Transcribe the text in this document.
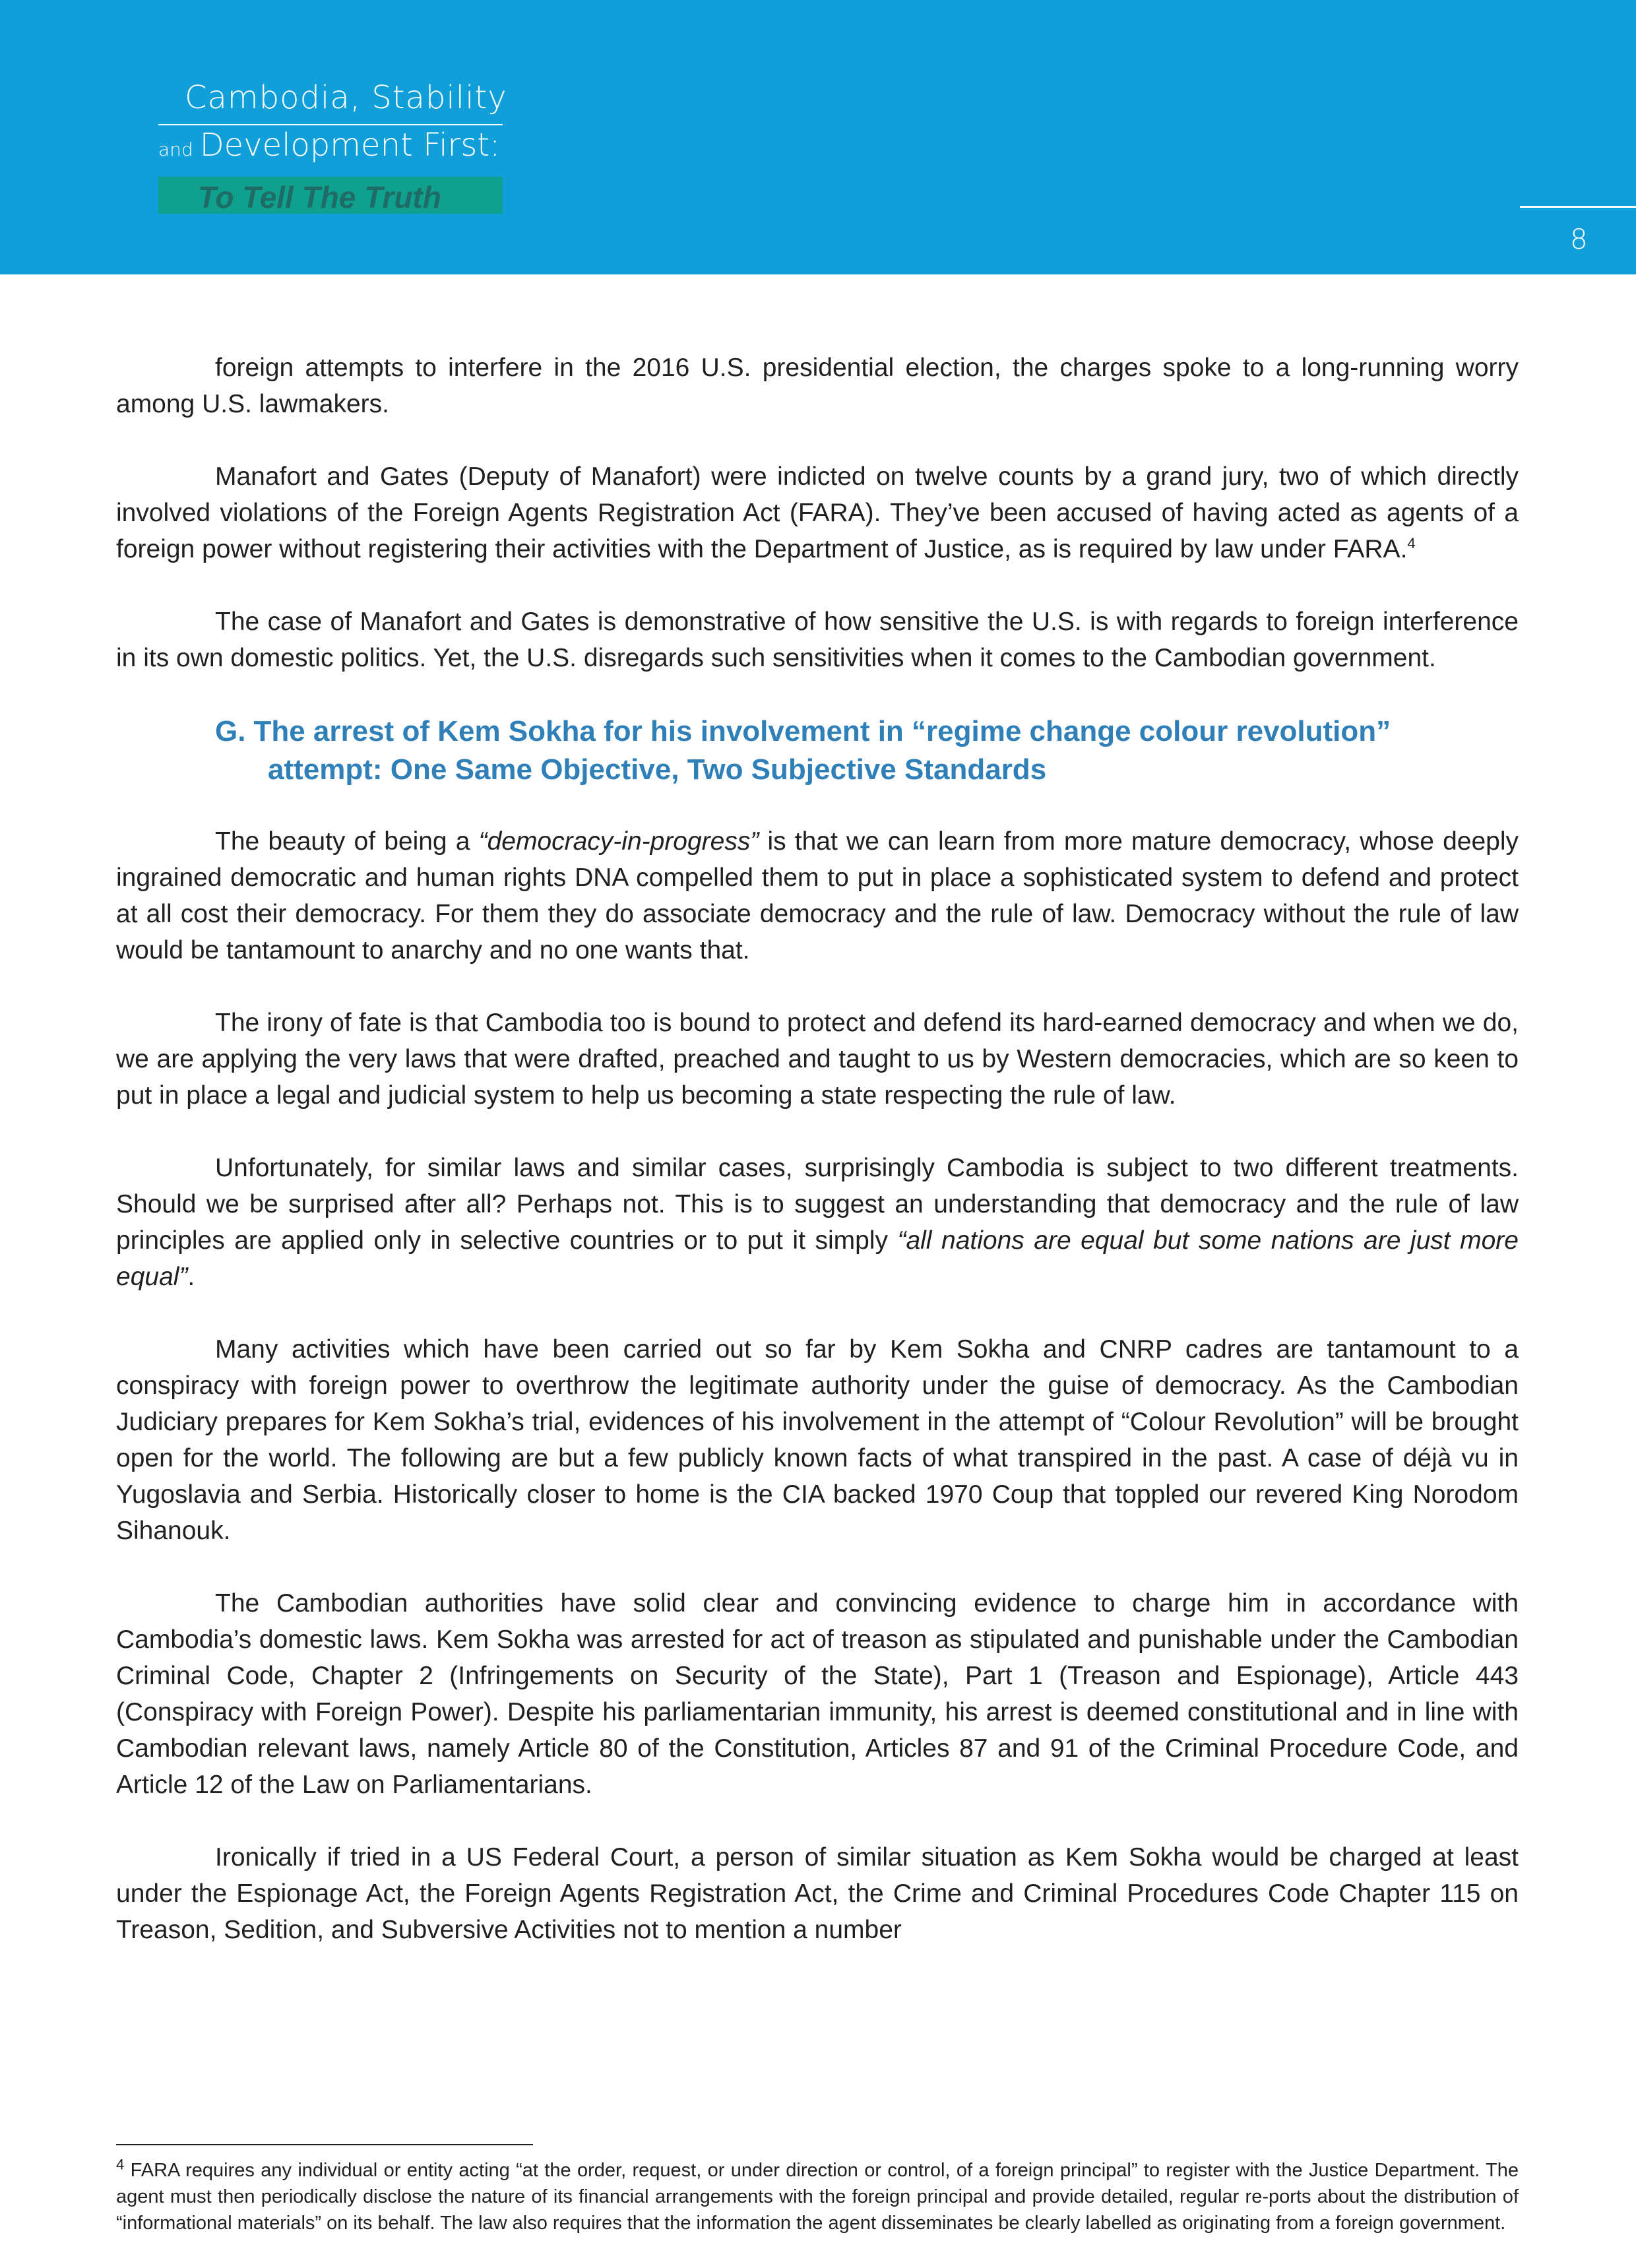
Cambodia, Stability
and Development First:
To Tell The Truth
8

foreign attempts to interfere in the 2016 U.S. presidential election, the charges spoke to a long-running worry among U.S. lawmakers.

Manafort and Gates (Deputy of Manafort) were indicted on twelve counts by a grand jury, two of which directly involved violations of the Foreign Agents Registration Act (FARA). They’ve been accused of having acted as agents of a foreign power without registering their activities with the Department of Justice, as is required by law under FARA.$^4$

The case of Manafort and Gates is demonstrative of how sensitive the U.S. is with regards to foreign interference in its own domestic politics. Yet, the U.S. disregards such sensitivities when it comes to the Cambodian government.

G. The arrest of Kem Sokha for his involvement in “regime change colour revolution”
attempt: One Same Objective, Two Subjective Standards

The beauty of being a “democracy-in-progress” is that we can learn from more mature democracy, whose deeply ingrained democratic and human rights DNA compelled them to put in place a sophisticated system to defend and protect at all cost their democracy. For them they do associate democracy and the rule of law. Democracy without the rule of law would be tantamount to anarchy and no one wants that.

The irony of fate is that Cambodia too is bound to protect and defend its hard-earned democracy and when we do, we are applying the very laws that were drafted, preached and taught to us by Western democracies, which are so keen to put in place a legal and judicial system to help us becoming a state respecting the rule of law.

Unfortunately, for similar laws and similar cases, surprisingly Cambodia is subject to two different treatments. Should we be surprised after all? Perhaps not. This is to suggest an understanding that democracy and the rule of law principles are applied only in selective countries or to put it simply “all nations are equal but some nations are just more equal”.

Many activities which have been carried out so far by Kem Sokha and CNRP cadres are tantamount to a conspiracy with foreign power to overthrow the legitimate authority under the guise of democracy. As the Cambodian Judiciary prepares for Kem Sokha’s trial, evidences of his involvement in the attempt of “Colour Revolution” will be brought open for the world. The following are but a few publicly known facts of what transpired in the past. A case of déjà vu in Yugoslavia and Serbia. Historically closer to home is the CIA backed 1970 Coup that toppled our revered King Norodom Sihanouk.

The Cambodian authorities have solid clear and convincing evidence to charge him in accordance with Cambodia’s domestic laws. Kem Sokha was arrested for act of treason as stipulated and punishable under the Cambodian Criminal Code, Chapter 2 (Infringements on Security of the State), Part 1 (Treason and Espionage), Article 443 (Conspiracy with Foreign Power). Despite his parliamentarian immunity, his arrest is deemed constitutional and in line with Cambodian relevant laws, namely Article 80 of the Constitution, Articles 87 and 91 of the Criminal Procedure Code, and Article 12 of the Law on Parliamentarians.

Ironically if tried in a US Federal Court, a person of similar situation as Kem Sokha would be charged at least under the Espionage Act, the Foreign Agents Registration Act, the Crime and Criminal Procedures Code Chapter 115 on Treason, Sedition, and Subversive Activities not to mention a number

$^4$ FARA requires any individual or entity acting “at the order, request, or under direction or control, of a foreign principal” to register with the Justice Department. The agent must then periodically disclose the nature of its financial arrangements with the foreign principal and provide detailed, regular re-ports about the distribution of “informational materials” on its behalf. The law also requires that the information the agent disseminates be clearly labelled as originating from a foreign government.
